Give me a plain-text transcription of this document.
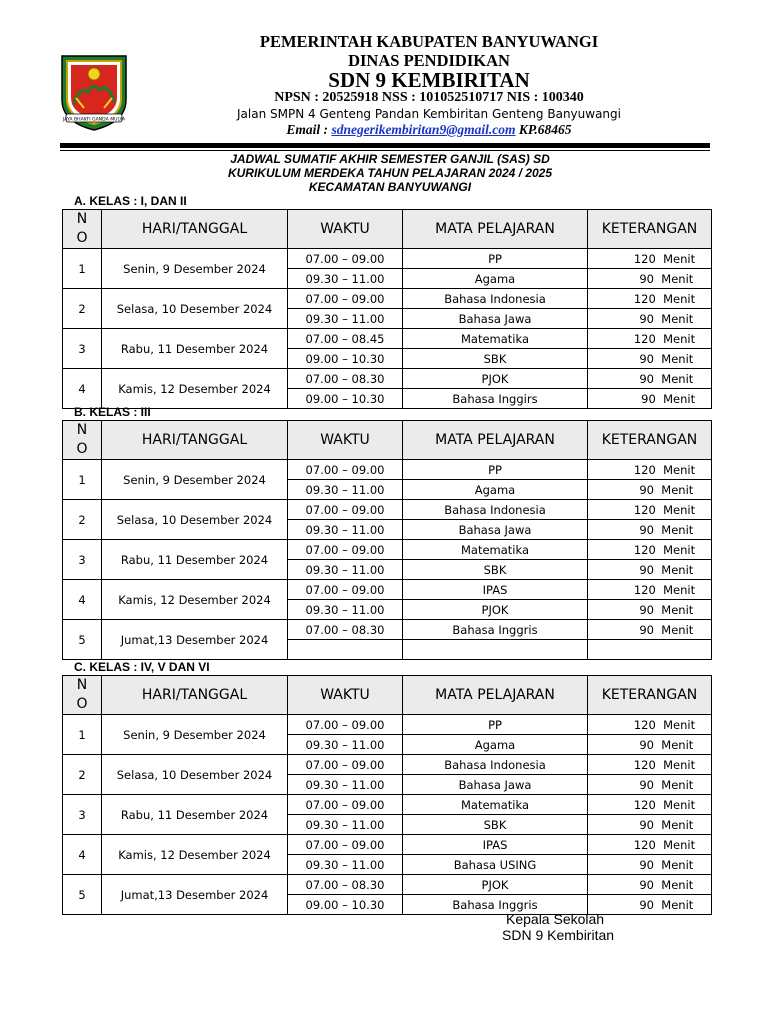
JAYA BHAKTI GANDA MULYA
PEMERINTAH KABUPATEN BANYUWANGI
DINAS PENDIDIKAN
SDN 9 KEMBIRITAN
NPSN : 20525918 NSS : 101052510717 NIS : 100340
Jalan SMPN 4 Genteng Pandan Kembiritan Genteng Banyuwangi
Email : sdnegerikembiritan9@gmail.com KP.68465
JADWAL SUMATIF AKHIR SEMESTER GANJIL (SAS) SD
KURIKULUM MERDEKA TAHUN PELAJARAN 2024 / 2025
KECAMATAN BANYUWANGI
A. KELAS : I, DAN II
N
O	HARI/TANGGAL	WAKTU	MATA PELAJARAN	KETERANGAN
1	Senin, 9 Desember 2024	07.00 – 09.00	PP	120  Menit
		09.30 – 11.00	Agama	90  Menit
2	Selasa, 10 Desember 2024	07.00 – 09.00	Bahasa Indonesia	120  Menit
		09.30 – 11.00	Bahasa Jawa	90  Menit
3	Rabu, 11 Desember 2024	07.00 – 08.45	Matematika	120  Menit
		09.00 – 10.30	SBK	90  Menit
4	Kamis, 12 Desember 2024	07.00 – 08.30	PJOK	90  Menit
		09.00 – 10.30	Bahasa Inggirs	90  Menit
B. KELAS : III
N
O	HARI/TANGGAL	WAKTU	MATA PELAJARAN	KETERANGAN
1	Senin, 9 Desember 2024	07.00 – 09.00	PP	120  Menit
		09.30 – 11.00	Agama	90  Menit
2	Selasa, 10 Desember 2024	07.00 – 09.00	Bahasa Indonesia	120  Menit
		09.30 – 11.00	Bahasa Jawa	90  Menit
3	Rabu, 11 Desember 2024	07.00 – 09.00	Matematika	120  Menit
		09.30 – 11.00	SBK	90  Menit
4	Kamis, 12 Desember 2024	07.00 – 09.00	IPAS	120  Menit
		09.30 – 11.00	PJOK	90  Menit
5	Jumat,13 Desember 2024	07.00 – 08.30	Bahasa Inggris	90  Menit

C. KELAS : IV, V DAN VI
N
O	HARI/TANGGAL	WAKTU	MATA PELAJARAN	KETERANGAN
1	Senin, 9 Desember 2024	07.00 – 09.00	PP	120  Menit
		09.30 – 11.00	Agama	90  Menit
2	Selasa, 10 Desember 2024	07.00 – 09.00	Bahasa Indonesia	120  Menit
		09.30 – 11.00	Bahasa Jawa	90  Menit
3	Rabu, 11 Desember 2024	07.00 – 09.00	Matematika	120  Menit
		09.30 – 11.00	SBK	90  Menit
4	Kamis, 12 Desember 2024	07.00 – 09.00	IPAS	120  Menit
		09.30 – 11.00	Bahasa USING	90  Menit
5	Jumat,13 Desember 2024	07.00 – 08.30	PJOK	90  Menit
		09.00 – 10.30	Bahasa Inggris	90  Menit
Kepala Sekolah
SDN 9 Kembiritan
